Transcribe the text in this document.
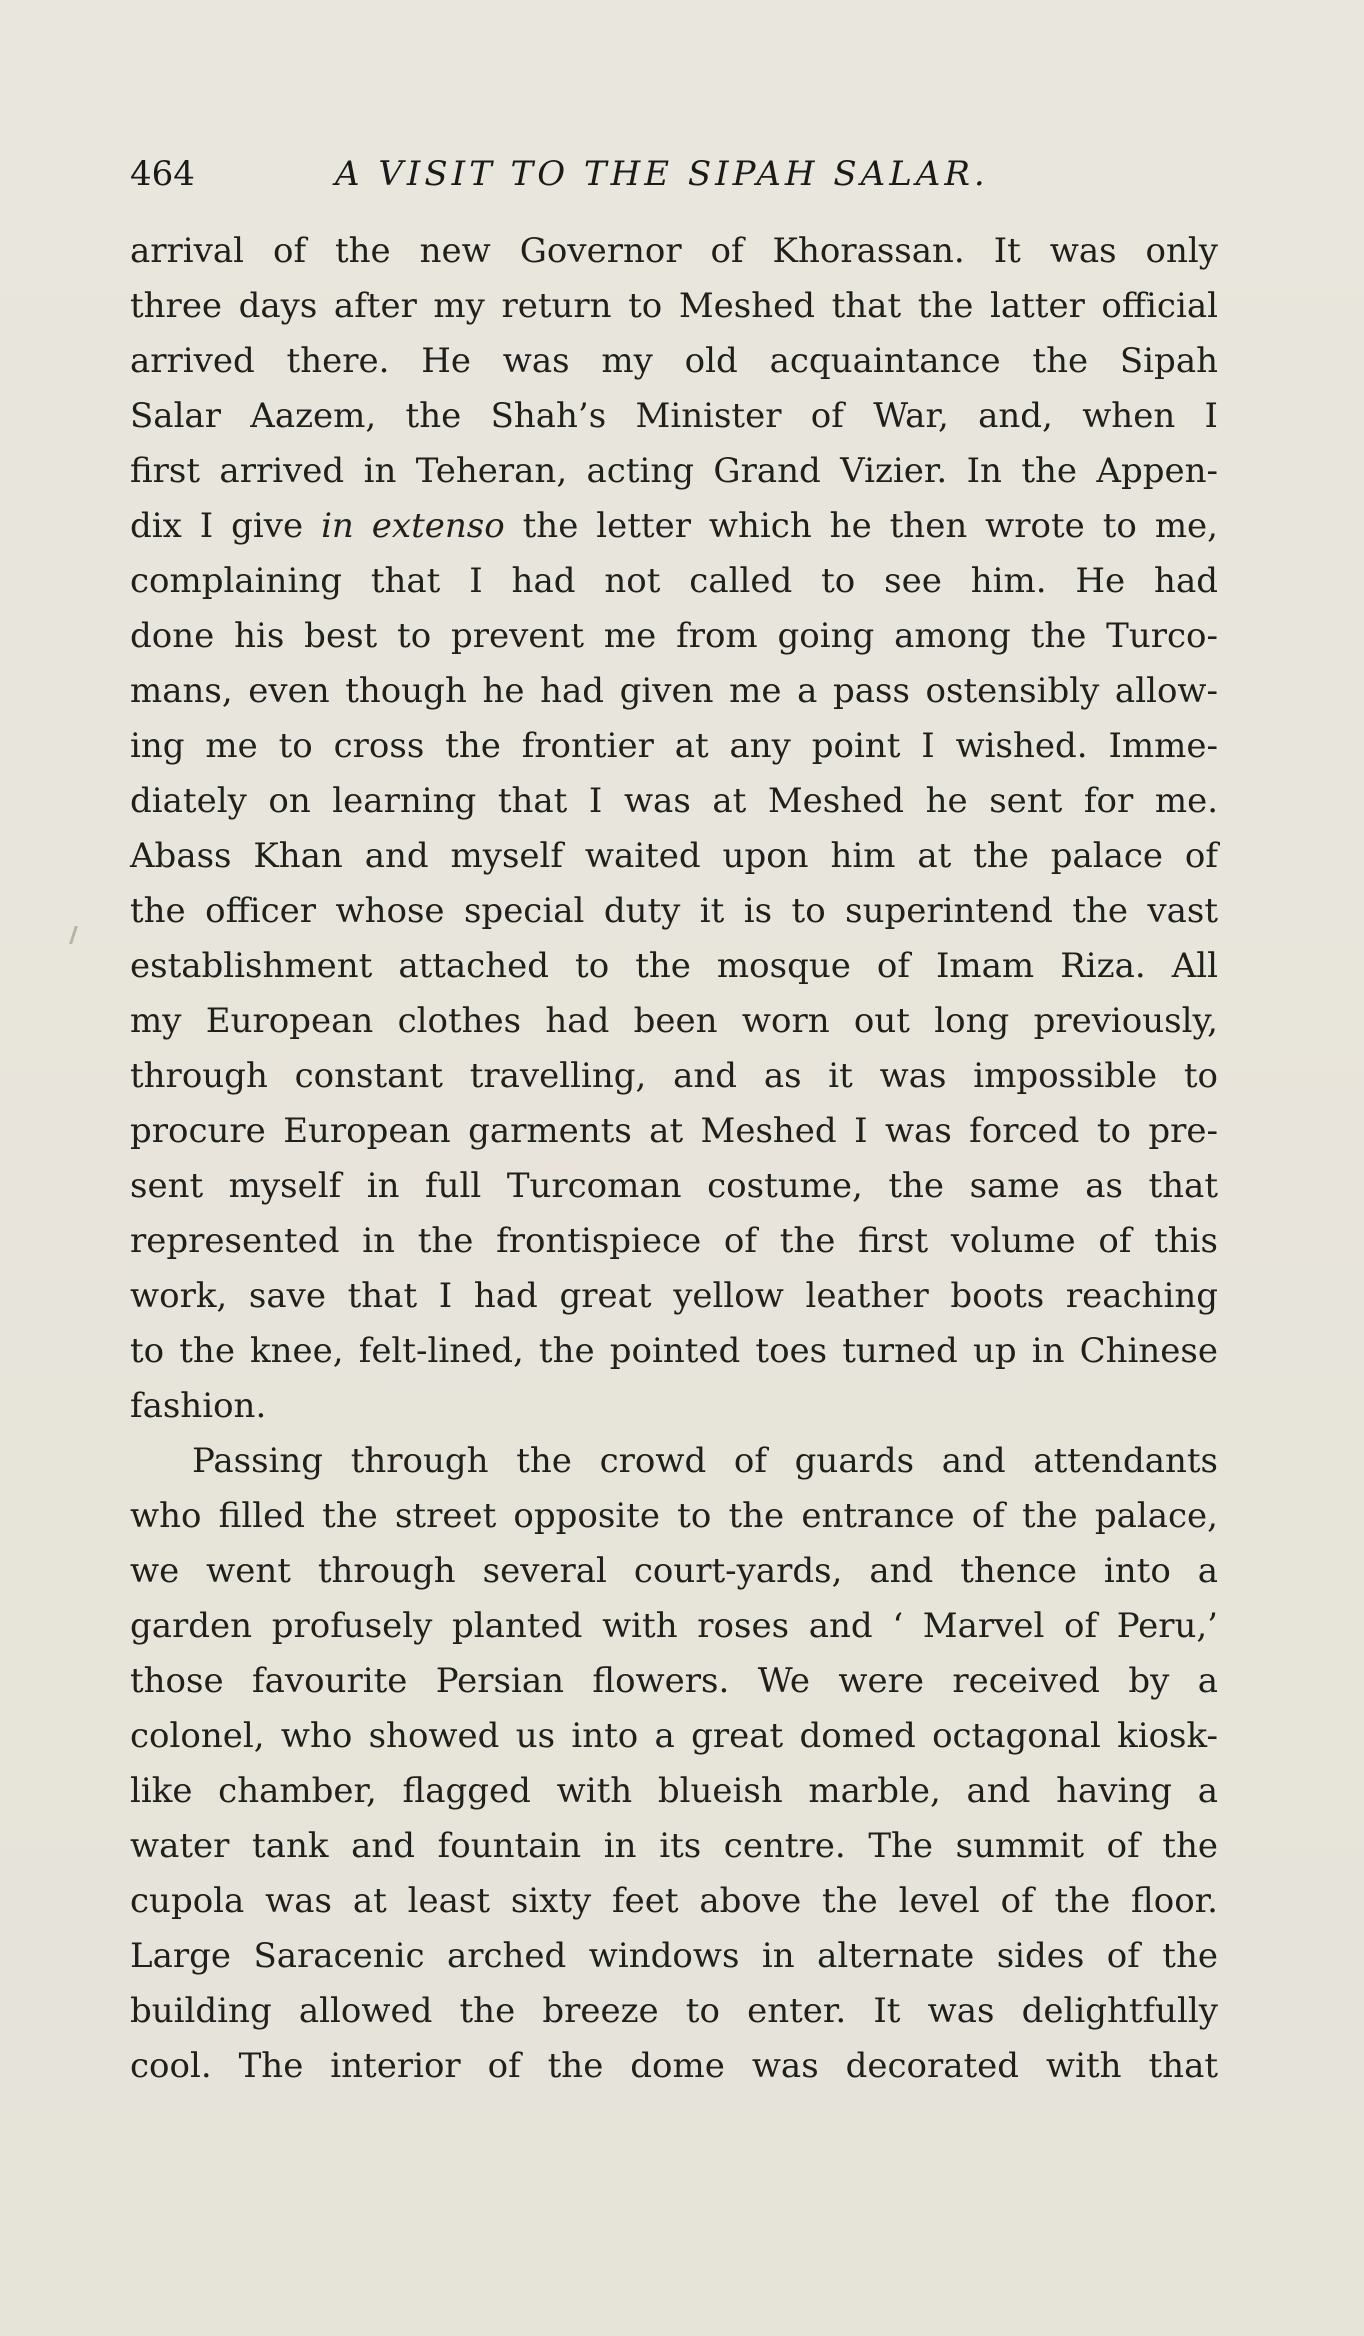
464	A VISIT TO THE SIPAH SALAR.
arrival of the new Governor of Khorassan. It was only
three days after my return to Meshed that the latter official
arrived there. He was my old acquaintance the Sipah
Salar Aazem, the Shah’s Minister of War, and, when I
first arrived in Teheran, acting Grand Vizier. In the Appen-
dix I give in extenso the letter which he then wrote to me,
complaining that I had not called to see him. He had
done his best to prevent me from going among the Turco-
mans, even though he had given me a pass ostensibly allow-
ing me to cross the frontier at any point I wished. Imme-
diately on learning that I was at Meshed he sent for me.
Abass Khan and myself waited upon him at the palace of
the officer whose special duty it is to superintend the vast
establishment attached to the mosque of Imam Riza. All
my European clothes had been worn out long previously,
through constant travelling, and as it was impossible to
procure European garments at Meshed I was forced to pre-
sent myself in full Turcoman costume, the same as that
represented in the frontispiece of the first volume of this
work, save that I had great yellow leather boots reaching
to the knee, felt-lined, the pointed toes turned up in Chinese
fashion.
Passing through the crowd of guards and attendants
who filled the street opposite to the entrance of the palace,
we went through several court-yards, and thence into a
garden profusely planted with roses and ‘ Marvel of Peru,’
those favourite Persian flowers. We were received by a
colonel, who showed us into a great domed octagonal kiosk-
like chamber, flagged with blueish marble, and having a
water tank and fountain in its centre. The summit of the
cupola was at least sixty feet above the level of the floor.
Large Saracenic arched windows in alternate sides of the
building allowed the breeze to enter. It was delightfully
cool. The interior of the dome was decorated with that
